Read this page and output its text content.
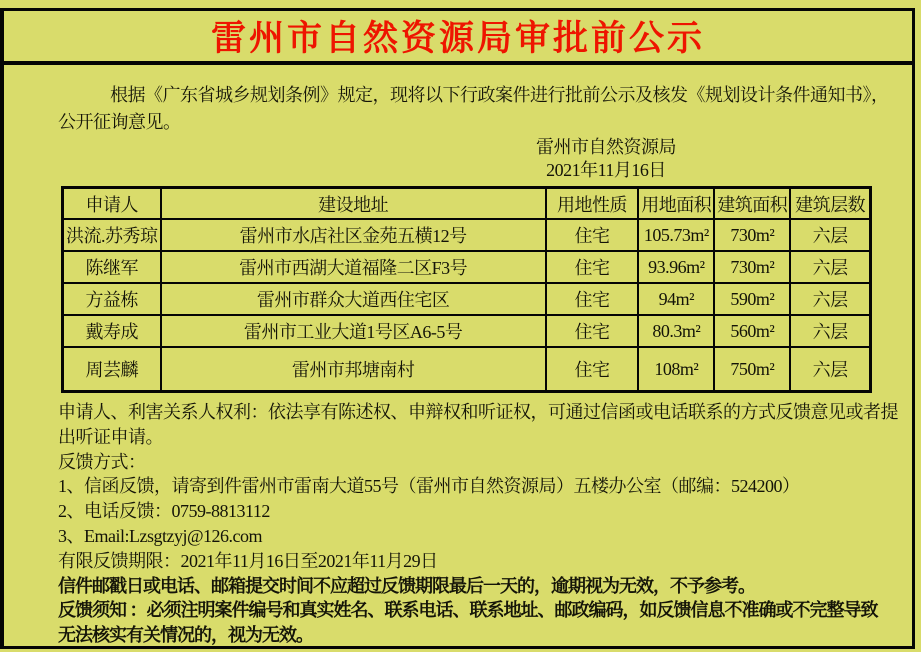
雷州市自然资源局审批前公示

根据《广东省城乡规划条例》规定，现将以下行政案件进行批前公示及核发《规划设计条件通知书》，

公开征询意见。

雷州市自然资源局
2021年11月16日
申请人	建设地址	用地性质	用地面积	建筑面积	建筑层数
洪流.苏秀琼	雷州市水店社区金苑五横12号	住宅	105.73m²	730m²	六层
陈继军	雷州市西湖大道福隆二区F3号	住宅	93.96m²	730m²	六层
方益栋	雷州市群众大道西住宅区	住宅	94m²	590m²	六层
戴寿成	雷州市工业大道1号区A6-5号	住宅	80.3m²	560m²	六层
周芸麟	雷州市邦塘南村	住宅	108m²	750m²	六层
申请人、利害关系人权利：依法享有陈述权、申辩权和听证权，可通过信函或电话联系的方式反馈意见或者提
出听证申请。
反馈方式：
1、信函反馈，请寄到件雷州市雷南大道55号（雷州市自然资源局）五楼办公室（邮编：524200）
2、电话反馈：0759-8813112
3、Email:Lzsgtzyj@126.com
有限反馈期限：2021年11月16日至2021年11月29日
信件邮戳日或电话、邮箱提交时间不应超过反馈期限最后一天的，逾期视为无效，不予参考。
反馈须知 ：必须注明案件编号和真实姓名、联系电话、联系地址、邮政编码，如反馈信息不准确或不完整导致
无法核实有关情况的，视为无效。
